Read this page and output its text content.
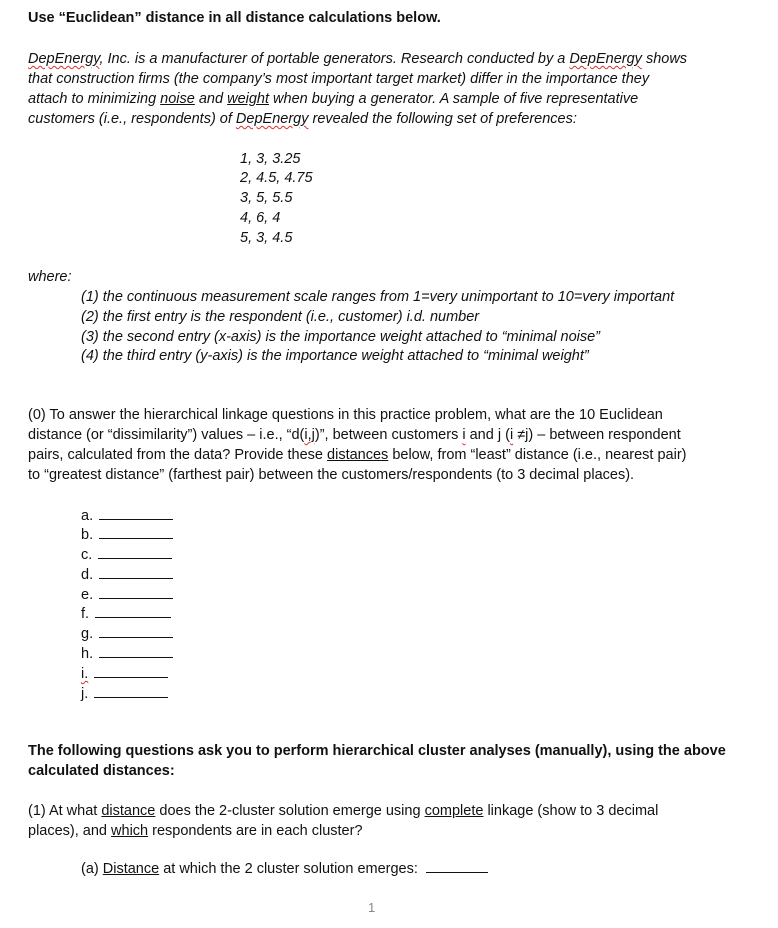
Use “Euclidean” distance in all distance calculations below.
DepEnergy, Inc. is a manufacturer of portable generators. Research conducted by a DepEnergy shows
that construction firms (the company’s most important target market) differ in the importance they
attach to minimizing noise and weight when buying a generator. A sample of five representative
customers (i.e., respondents) of DepEnergy revealed the following set of preferences:
1, 3, 3.25
2, 4.5, 4.75
3, 5, 5.5
4, 6, 4
5, 3, 4.5
where:
(1) the continuous measurement scale ranges from 1=very unimportant to 10=very important
(2) the first entry is the respondent (i.e., customer) i.d. number
(3) the second entry (x-axis) is the importance weight attached to “minimal noise”
(4) the third entry (y-axis) is the importance weight attached to “minimal weight”
(0) To answer the hierarchical linkage questions in this practice problem, what are the 10 Euclidean
distance (or “dissimilarity”) values – i.e., “d(i,j)”, between customers i and j (i ≠j) – between respondent
pairs, calculated from the data? Provide these distances below, from “least” distance (i.e., nearest pair)
to “greatest distance” (farthest pair) between the customers/respondents (to 3 decimal places).
a.
b.
c.
d.
e.
f.
g.
h.
i.
j.
The following questions ask you to perform hierarchical cluster analyses (manually), using the above
calculated distances:
(1) At what distance does the 2-cluster solution emerge using complete linkage (show to 3 decimal
places), and which respondents are in each cluster?
(a) Distance at which the 2 cluster solution emerges:
1
